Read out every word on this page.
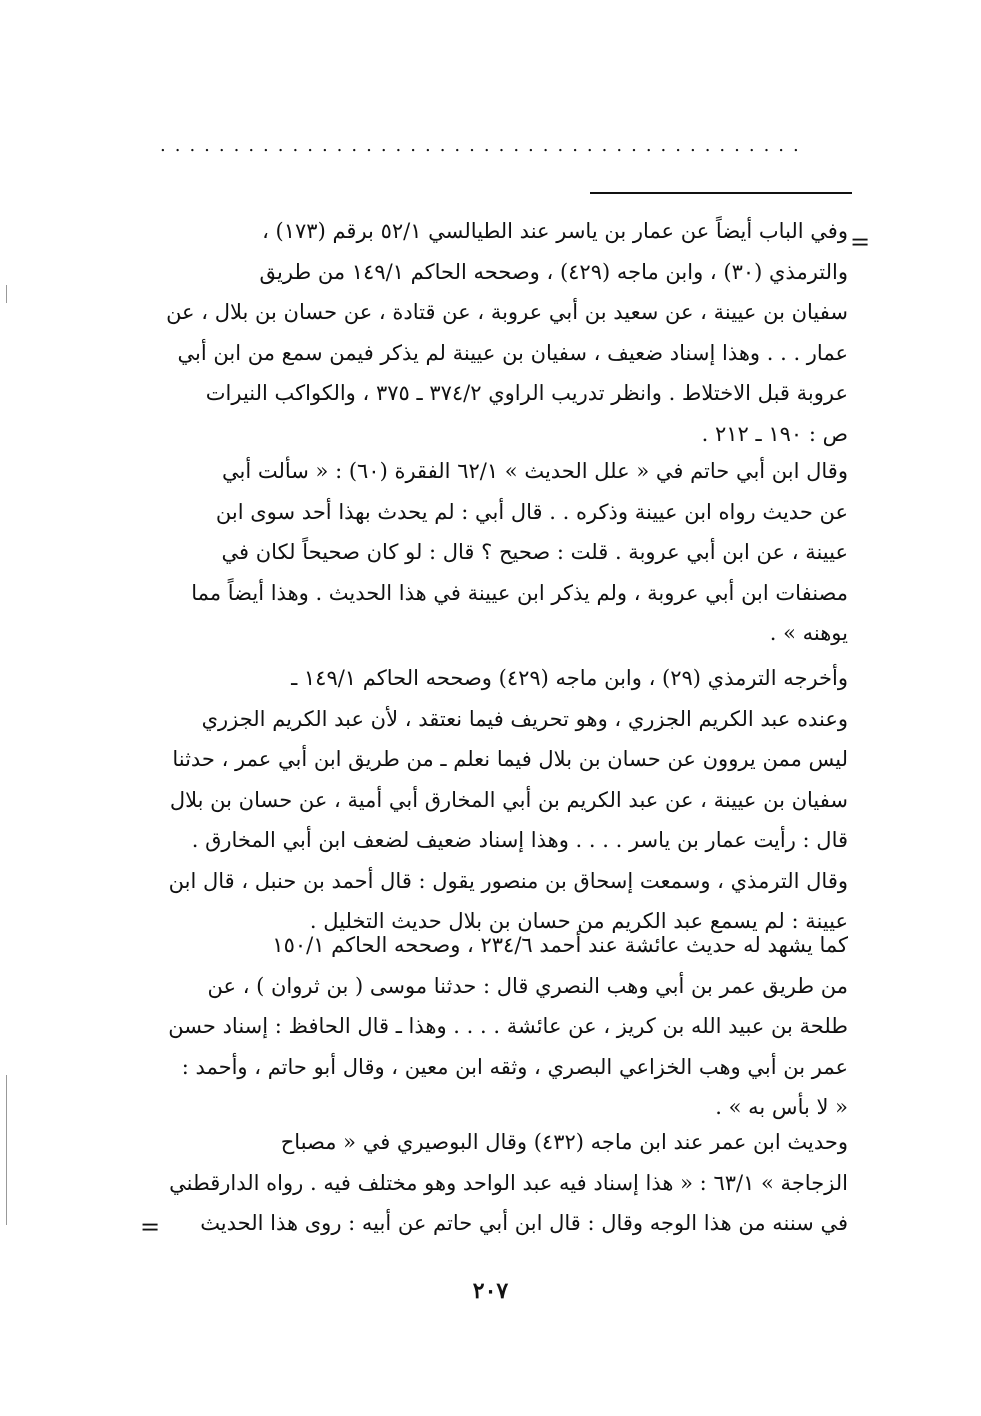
............................................
=
وفي الباب أيضاً عن عمار بن ياسر عند الطيالسي ٥٢/١ برقم (١٧٣) ،
والترمذي (٣٠) ، وابن ماجه (٤٢٩) ، وصححه الحاكم ١٤٩/١ من طريق
سفيان بن عيينة ، عن سعيد بن أبي عروبة ، عن قتادة ، عن حسان بن بلال ، عن
عمار . . . وهذا إسناد ضعيف ، سفيان بن عيينة لم يذكر فيمن سمع من ابن أبي
عروبة قبل الاختلاط . وانظر تدريب الراوي ٣٧٤/٢ ـ ٣٧٥ ، والكواكب النيرات
ص : ١٩٠ ـ ٢١٢ .
وقال ابن أبي حاتم في « علل الحديث » ٦٢/١ الفقرة (٦٠) : « سألت أبي
عن حديث رواه ابن عيينة وذكره . . قال أبي : لم يحدث بهذا أحد سوى ابن
عيينة ، عن ابن أبي عروبة . قلت : صحيح ؟ قال : لو كان صحيحاً لكان في
مصنفات ابن أبي عروبة ، ولم يذكر ابن عيينة في هذا الحديث . وهذا أيضاً مما
يوهنه » .
وأخرجه الترمذي (٢٩) ، وابن ماجه (٤٢٩) وصححه الحاكم ١٤٩/١ ـ
وعنده عبد الكريم الجزري ، وهو تحريف فيما نعتقد ، لأن عبد الكريم الجزري
ليس ممن يروون عن حسان بن بلال فيما نعلم ـ من طريق ابن أبي عمر ، حدثنا
سفيان بن عيينة ، عن عبد الكريم بن أبي المخارق أبي أمية ، عن حسان بن بلال
قال : رأيت عمار بن ياسر . . . . وهذا إسناد ضعيف لضعف ابن أبي المخارق .
وقال الترمذي ، وسمعت إسحاق بن منصور يقول : قال أحمد بن حنبل ، قال ابن
عيينة : لم يسمع عبد الكريم من حسان بن بلال حديث التخليل .
كما يشهد له حديث عائشة عند أحمد ٢٣٤/٦ ، وصححه الحاكم ١٥٠/١
من طريق عمر بن أبي وهب النصري قال : حدثنا موسى ( بن ثروان ) ، عن
طلحة بن عبيد الله بن كريز ، عن عائشة . . . . وهذا ـ قال الحافظ : إسناد حسن
عمر بن أبي وهب الخزاعي البصري ، وثقه ابن معين ، وقال أبو حاتم ، وأحمد :
« لا بأس به » .
وحديث ابن عمر عند ابن ماجه (٤٣٢) وقال البوصيري في « مصباح
الزجاجة » ٦٣/١ : « هذا إسناد فيه عبد الواحد وهو مختلف فيه . رواه الدارقطني
في سننه من هذا الوجه وقال : قال ابن أبي حاتم عن أبيه : روى هذا الحديث
=
٢٠٧
